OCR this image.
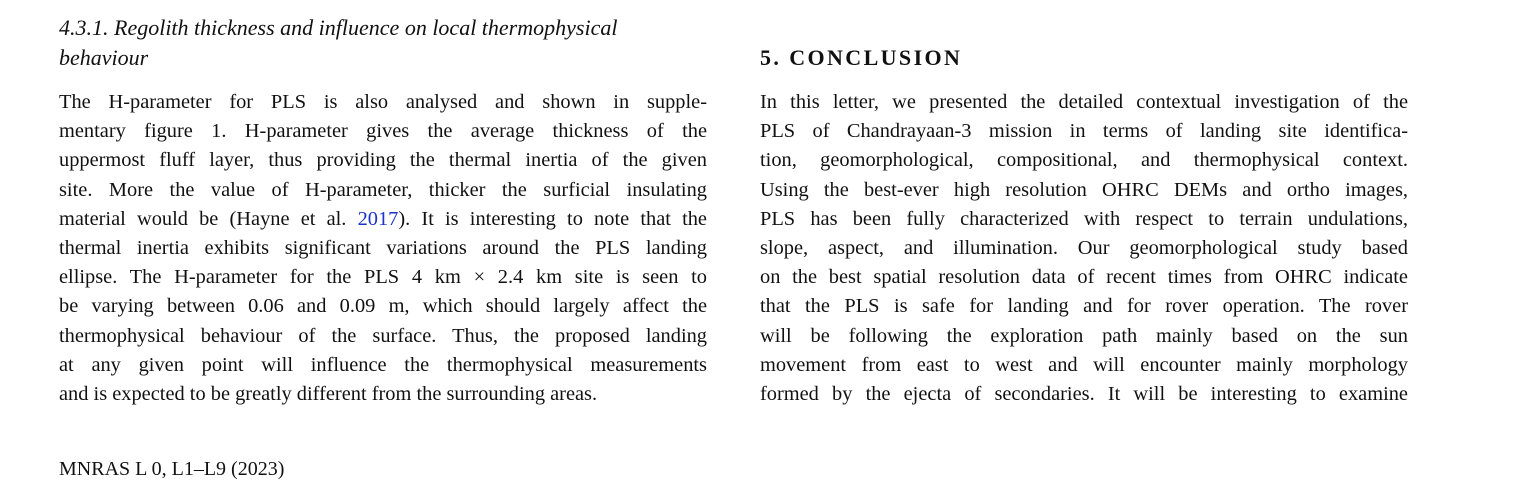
4.3.1. Regolith thickness and influence on local thermophysical
behaviour

The H-parameter for PLS is also analysed and shown in supple-
mentary figure 1. H-parameter gives the average thickness of the
uppermost fluff layer, thus providing the thermal inertia of the given
site. More the value of H-parameter, thicker the surficial insulating
material would be (Hayne et al. 2017). It is interesting to note that the
thermal inertia exhibits significant variations around the PLS landing
ellipse. The H-parameter for the PLS 4 km × 2.4 km site is seen to
be varying between 0.06 and 0.09 m, which should largely affect the
thermophysical behaviour of the surface. Thus, the proposed landing
at any given point will influence the thermophysical measurements
and is expected to be greatly different from the surrounding areas.

5. CONCLUSION

In this letter, we presented the detailed contextual investigation of the
PLS of Chandrayaan-3 mission in terms of landing site identifica-
tion, geomorphological, compositional, and thermophysical context.
Using the best-ever high resolution OHRC DEMs and ortho images,
PLS has been fully characterized with respect to terrain undulations,
slope, aspect, and illumination. Our geomorphological study based
on the best spatial resolution data of recent times from OHRC indicate
that the PLS is safe for landing and for rover operation. The rover
will be following the exploration path mainly based on the sun
movement from east to west and will encounter mainly morphology
formed by the ejecta of secondaries. It will be interesting to examine

MNRAS L 0, L1–L9 (2023)
